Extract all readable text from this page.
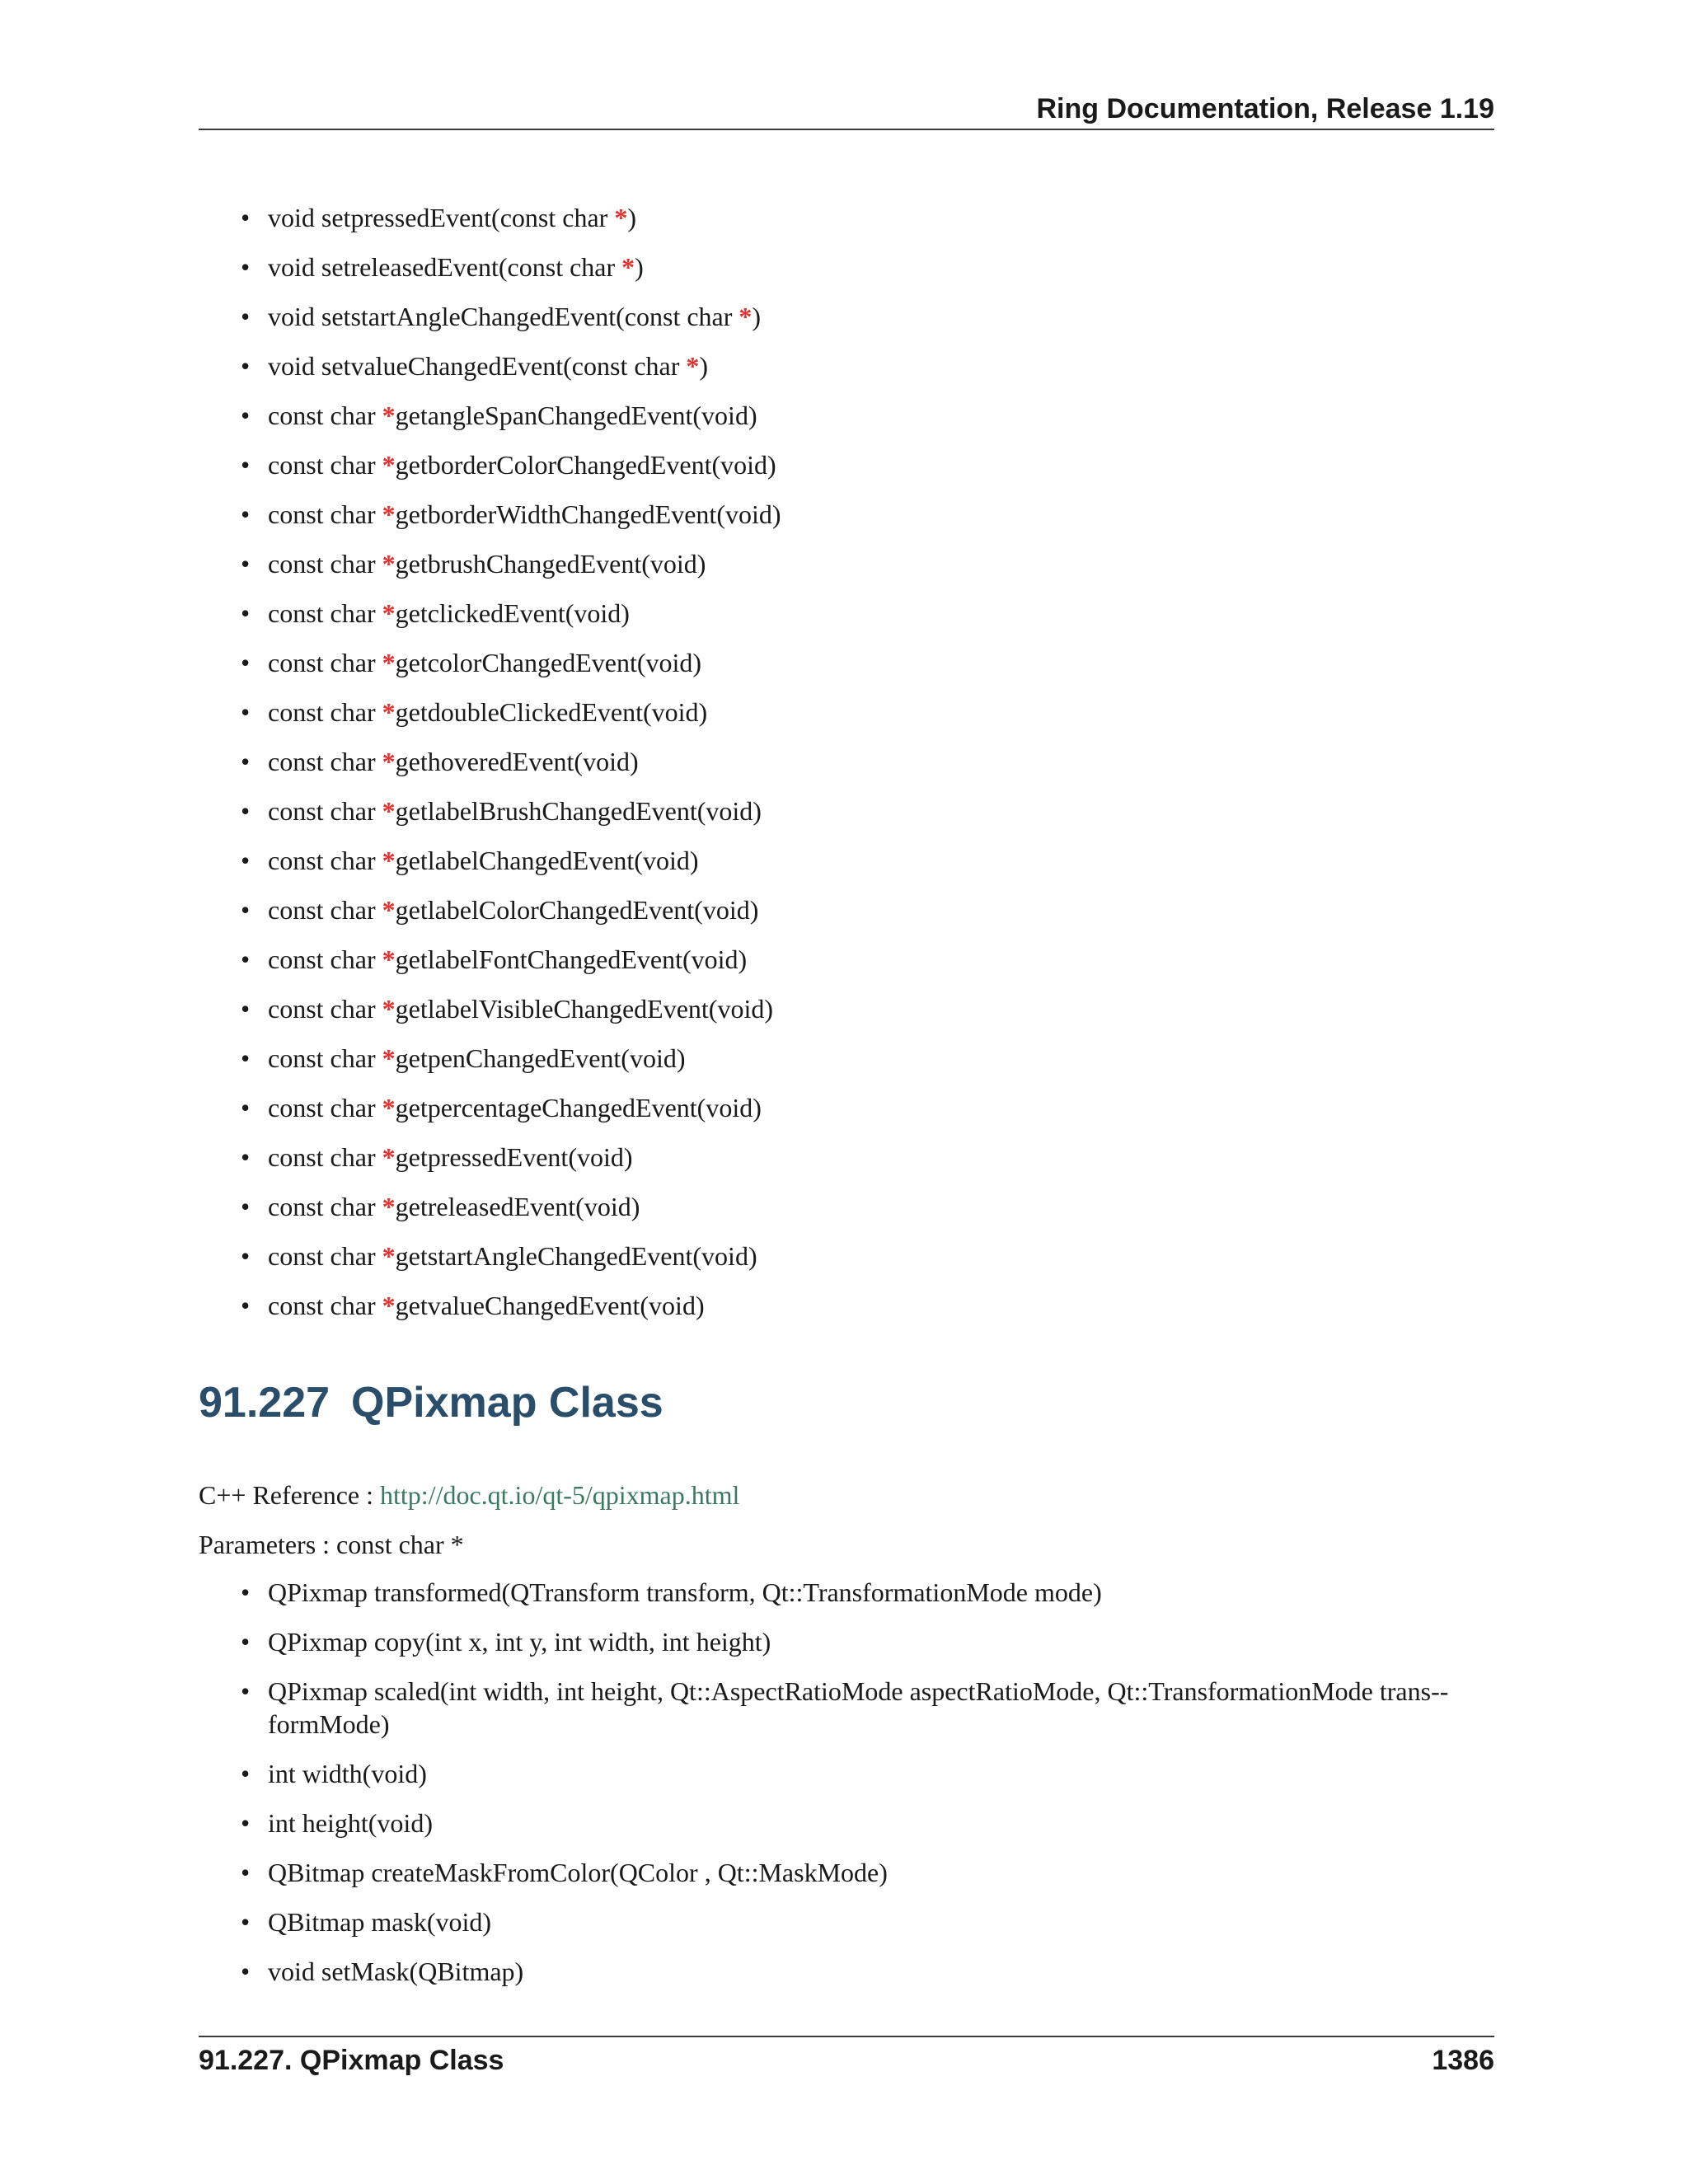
Ring Documentation, Release 1.19
• void setpressedEvent(const char *)
• void setreleasedEvent(const char *)
• void setstartAngleChangedEvent(const char *)
• void setvalueChangedEvent(const char *)
• const char *getangleSpanChangedEvent(void)
• const char *getborderColorChangedEvent(void)
• const char *getborderWidthChangedEvent(void)
• const char *getbrushChangedEvent(void)
• const char *getclickedEvent(void)
• const char *getcolorChangedEvent(void)
• const char *getdoubleClickedEvent(void)
• const char *gethoveredEvent(void)
• const char *getlabelBrushChangedEvent(void)
• const char *getlabelChangedEvent(void)
• const char *getlabelColorChangedEvent(void)
• const char *getlabelFontChangedEvent(void)
• const char *getlabelVisibleChangedEvent(void)
• const char *getpenChangedEvent(void)
• const char *getpercentageChangedEvent(void)
• const char *getpressedEvent(void)
• const char *getreleasedEvent(void)
• const char *getstartAngleChangedEvent(void)
• const char *getvalueChangedEvent(void)
91.227 QPixmap Class
C++ Reference : http://doc.qt.io/qt-5/qpixmap.html
Parameters : const char *
• QPixmap transformed(QTransform transform, Qt::TransformationMode mode)
• QPixmap copy(int x, int y, int width, int height)
• QPixmap scaled(int width, int height, Qt::AspectRatioMode aspectRatioMode, Qt::TransformationMode trans-formMode)
• int width(void)
• int height(void)
• QBitmap createMaskFromColor(QColor , Qt::MaskMode)
• QBitmap mask(void)
• void setMask(QBitmap)
91.227. QPixmap Class	1386
